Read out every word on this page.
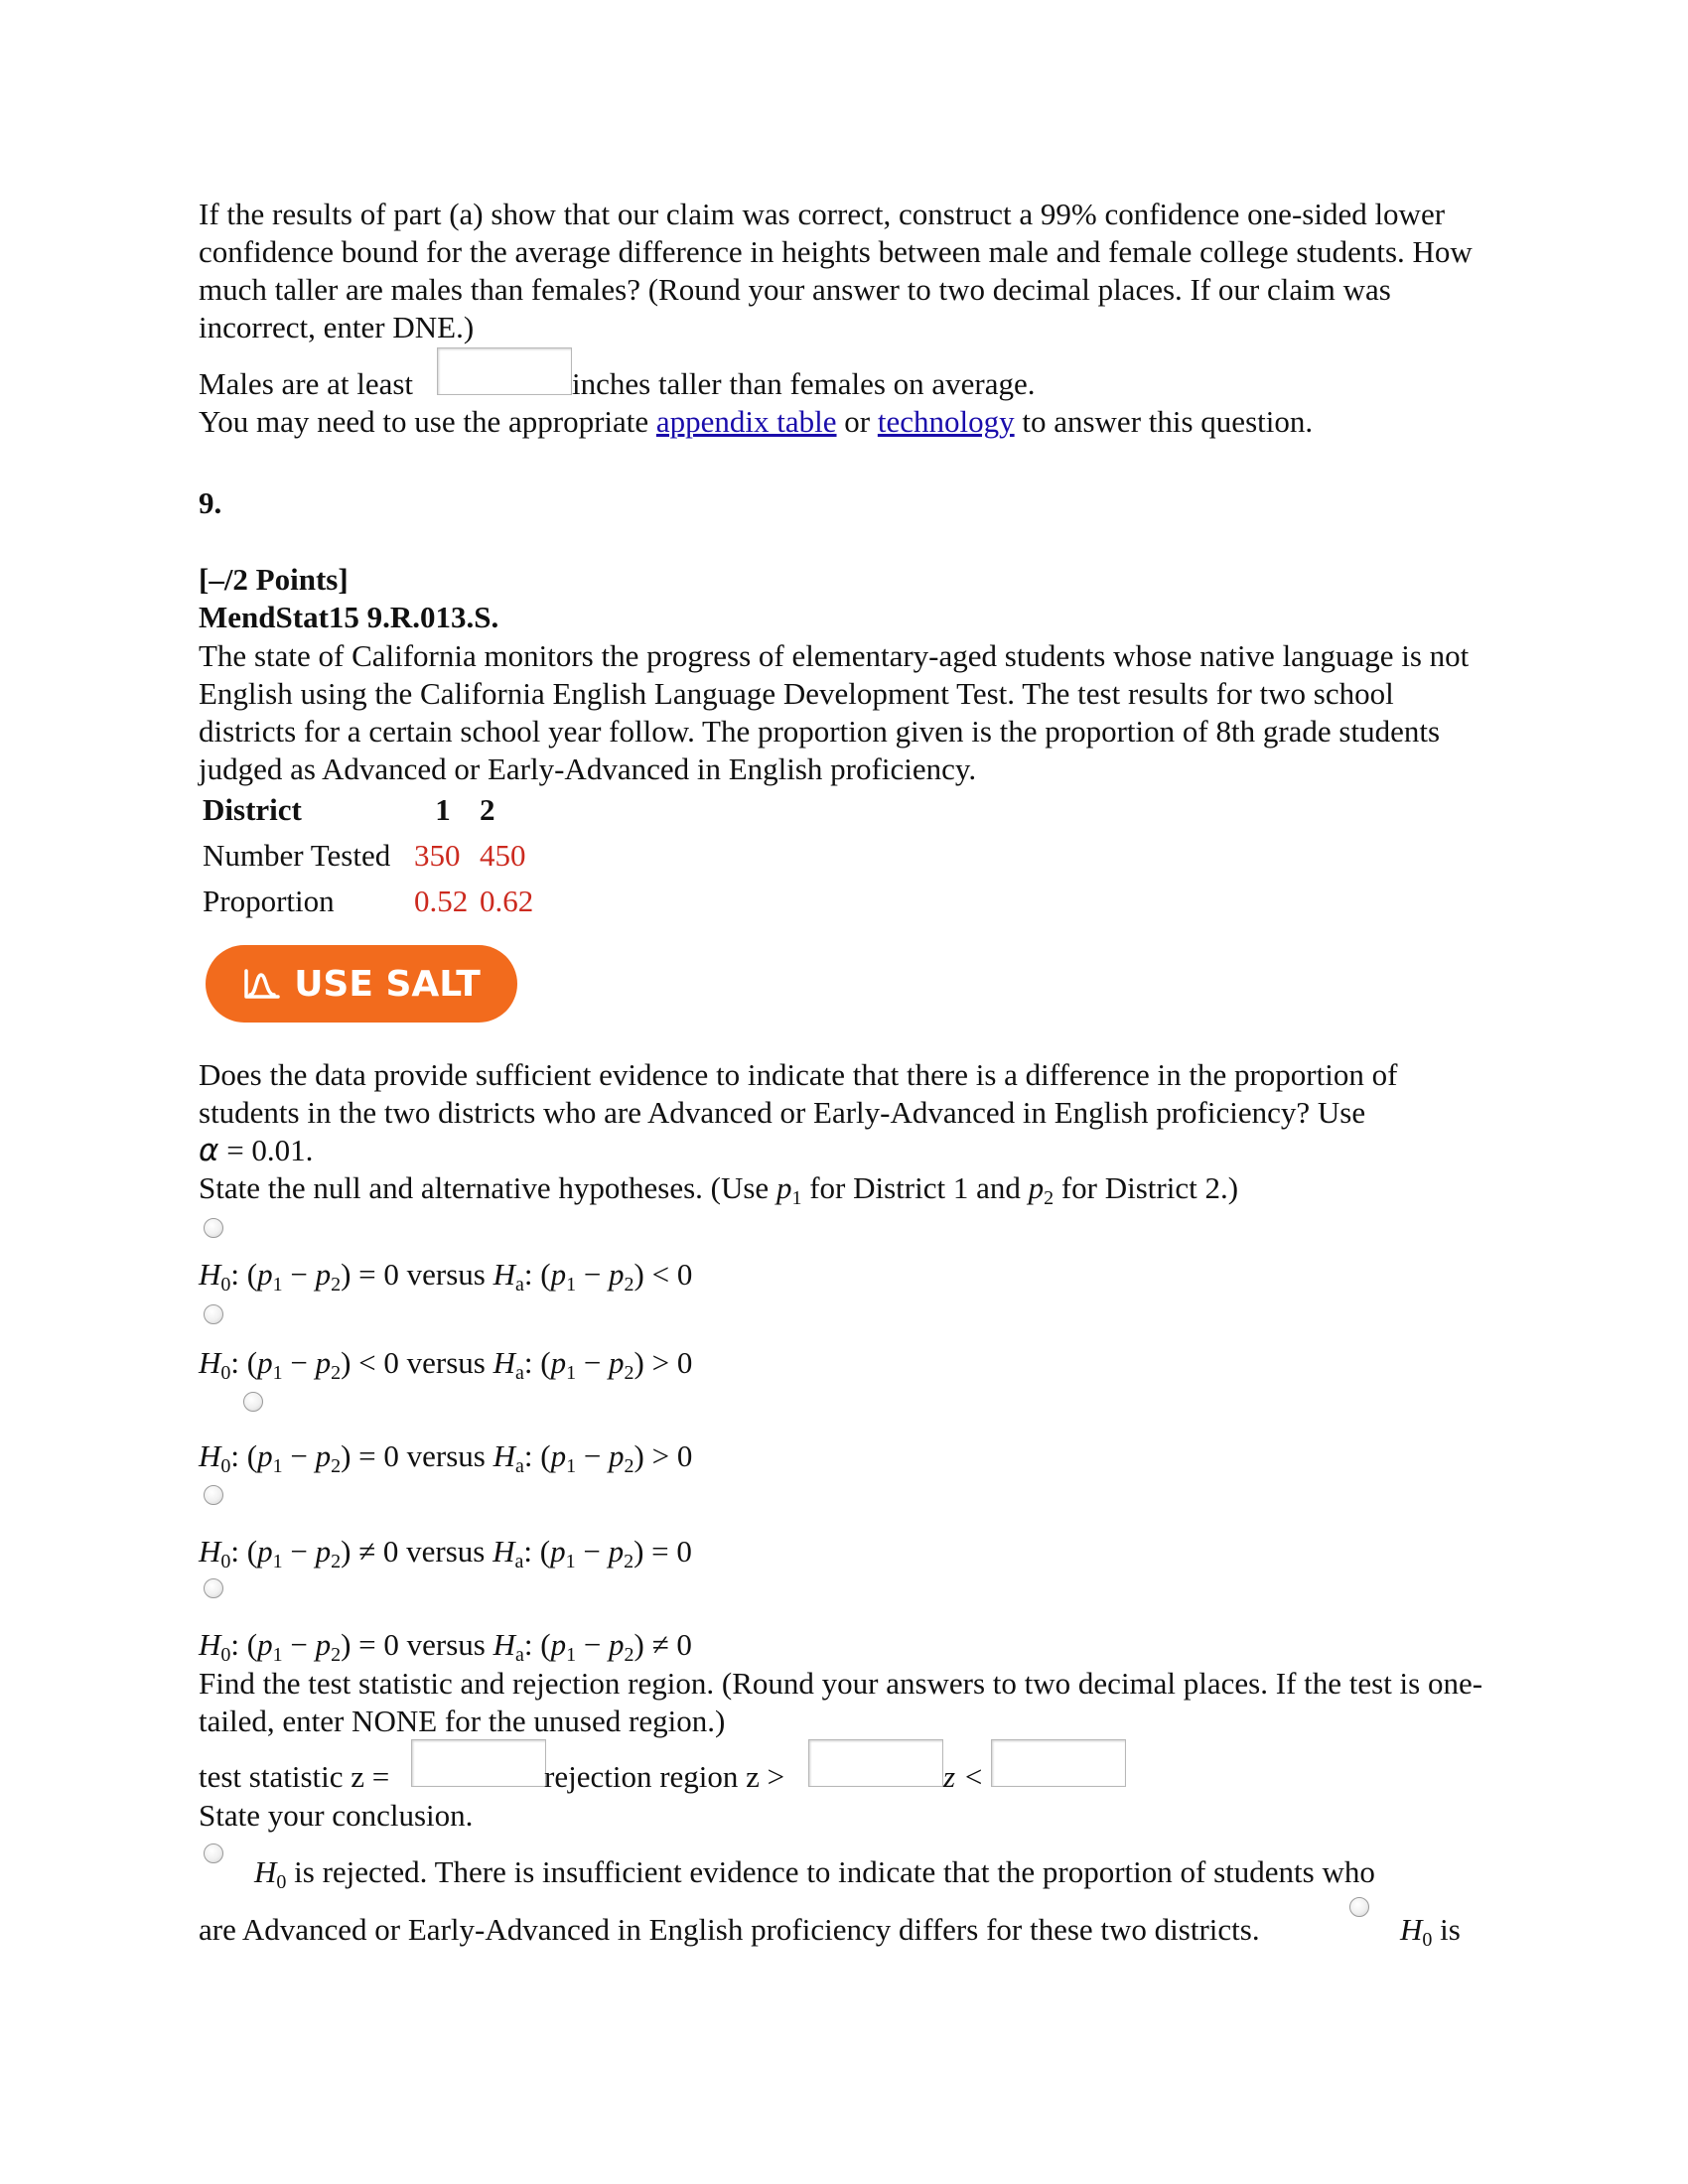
If the results of part (a) show that our claim was correct, construct a 99% confidence one-sided lower confidence bound for the average difference in heights between male and female college students. How much taller are males than females? (Round your answer to two decimal places. If our claim was incorrect, enter DNE.)
Males are at least	inches taller than females on average.
You may need to use the appropriate appendix table or technology to answer this question.
9.
[–/2 Points]
MendStat15 9.R.013.S.
The state of California monitors the progress of elementary-aged students whose native language is not English using the California English Language Development Test. The test results for two school districts for a certain school year follow. The proportion given is the proportion of 8th grade students judged as Advanced or Early-Advanced in English proficiency.
District	1	2
Number Tested	350	450
Proportion	0.52	0.62
USE SALT
Does the data provide sufficient evidence to indicate that there is a difference in the proportion of students in the two districts who are Advanced or Early-Advanced in English proficiency? Use
α = 0.01.
State the null and alternative hypotheses. (Use $p_1$ for District 1 and $p_2$ for District 2.)
$H_0$: $(p_1 - p_2) = 0$ versus $H_a$: $(p_1 - p_2) < 0$
$H_0$: $(p_1 - p_2) < 0$ versus $H_a$: $(p_1 - p_2) > 0$
$H_0$: $(p_1 - p_2) = 0$ versus $H_a$: $(p_1 - p_2) > 0$
$H_0$: $(p_1 - p_2) \ne 0$ versus $H_a$: $(p_1 - p_2) = 0$
$H_0$: $(p_1 - p_2) = 0$ versus $H_a$: $(p_1 - p_2) \ne 0$
Find the test statistic and rejection region. (Round your answers to two decimal places. If the test is one-tailed, enter NONE for the unused region.)
test statistic z =	rejection region z >	z <
State your conclusion.
$H_0$ is rejected. There is insufficient evidence to indicate that the proportion of students who
are Advanced or Early-Advanced in English proficiency differs for these two districts.	$H_0$ is
